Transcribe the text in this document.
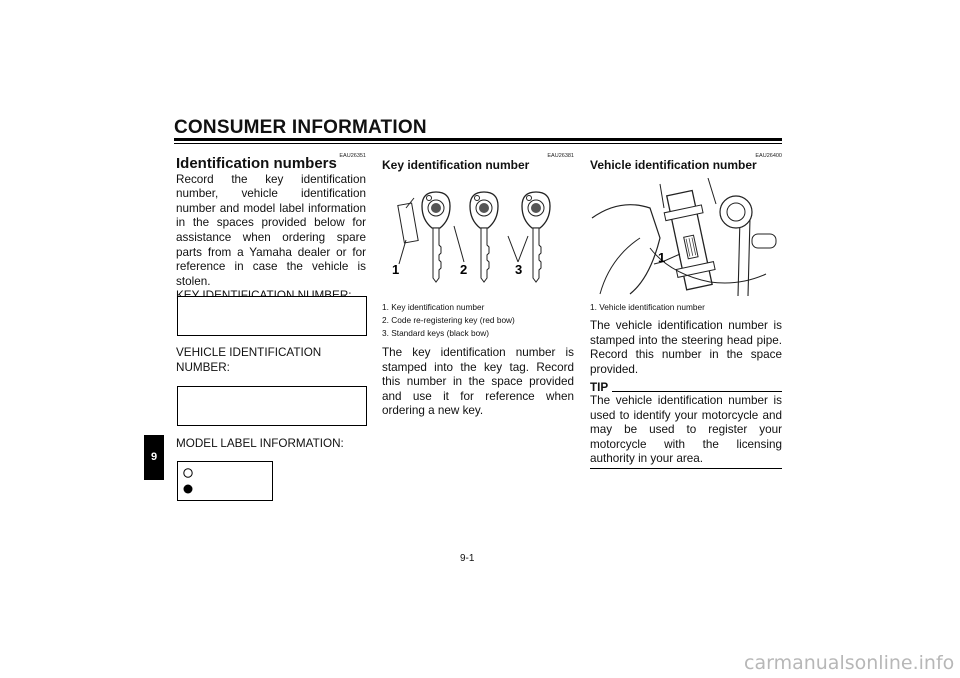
CONSUMER INFORMATION
9
EAU26351
Identification numbers
Record the key identification number, vehicle identification number and model label information in the spaces provided below for assistance when ordering spare parts from a Yamaha dealer or for reference in case the vehicle is stolen.
VEHICLE IDENTIFICATION
NUMBER:
MODEL LABEL INFORMATION:
EAU26381
Key identification number
1	2	3
1. Key identification number
2. Code re-registering key (red bow)
3. Standard keys (black bow)
The key identification number is stamped into the key tag. Record this number in the space provided and use it for reference when ordering a new key.
EAU26400
Vehicle identification number
1
1. Vehicle identification number
The vehicle identification number is stamped into the steering head pipe. Record this number in the space provided.
TIP
The vehicle identification number is used to identify your motorcycle and may be used to register your motorcycle with the licensing authority in your area.
9-1
carmanualsonline.info
